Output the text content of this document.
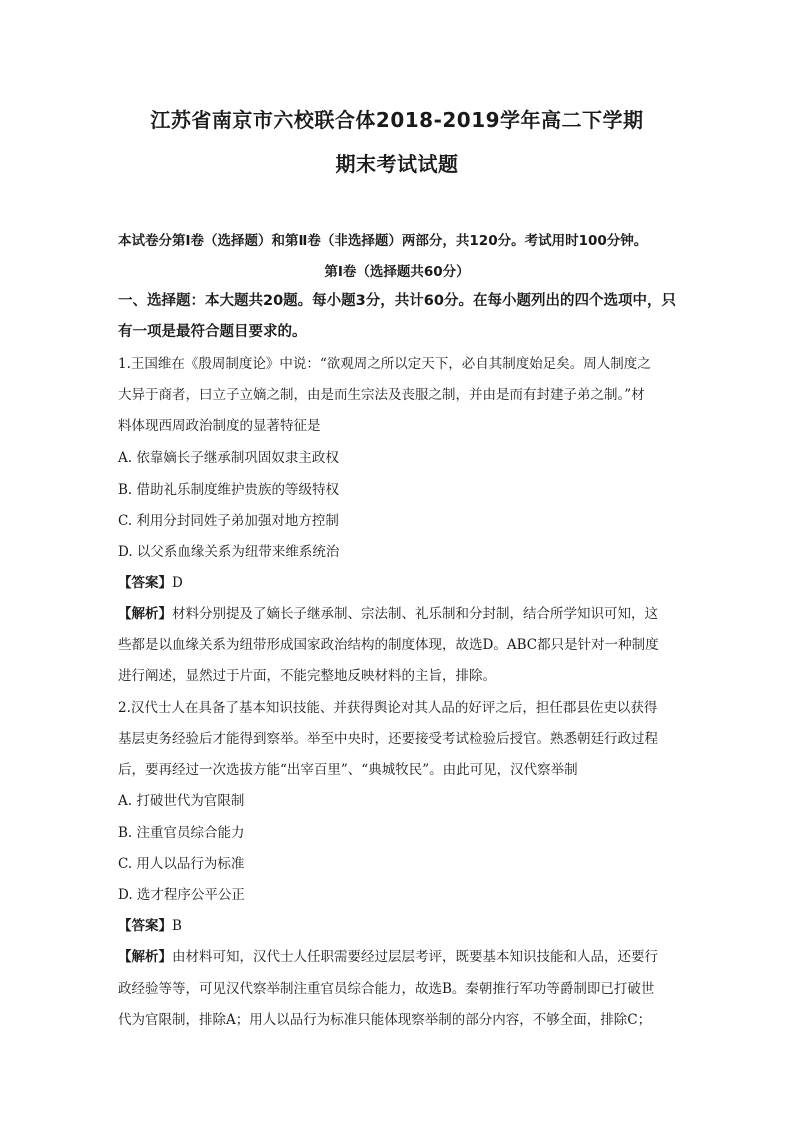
江苏省南京市六校联合体2018-2019学年高二下学期
期末考试试题
本试卷分第Ⅰ卷（选择题）和第Ⅱ卷（非选择题）两部分，共120分。考试用时100分钟。
第Ⅰ卷（选择题共60分）
一、选择题：本大题共20题。每小题3分，共计60分。在每小题列出的四个选项中，只有一项是最符合题目要求的。
1.王国维在《殷周制度论》中说：“欲观周之所以定天下，必自其制度始足矣。周人制度之
大异于商者，曰立子立嫡之制，由是而生宗法及丧服之制，并由是而有封建子弟之制。”材
料体现西周政治制度的显著特征是
A. 依靠嫡长子继承制巩固奴隶主政权
B. 借助礼乐制度维护贵族的等级特权
C. 利用分封同姓子弟加强对地方控制
D. 以父系血缘关系为纽带来维系统治
【答案】D
【解析】材料分别提及了嫡长子继承制、宗法制、礼乐制和分封制，结合所学知识可知，这
些都是以血缘关系为纽带形成国家政治结构的制度体现，故选D。ABC都只是针对一种制度
进行阐述，显然过于片面，不能完整地反映材料的主旨，排除。
2.汉代士人在具备了基本知识技能、并获得舆论对其人品的好评之后，担任郡县佐吏以获得
基层吏务经验后才能得到察举。举至中央时，还要接受考试检验后授官。熟悉朝廷行政过程
后，要再经过一次选拔方能“出宰百里”、“典城牧民”。由此可见，汉代察举制
A. 打破世代为官限制
B. 注重官员综合能力
C. 用人以品行为标准
D. 选才程序公平公正
【答案】B
【解析】由材料可知，汉代士人任职需要经过层层考评，既要基本知识技能和人品，还要行
政经验等等，可见汉代察举制注重官员综合能力，故选B。秦朝推行军功等爵制即已打破世
代为官限制，排除A；用人以品行为标准只能体现察举制的部分内容，不够全面，排除C；
